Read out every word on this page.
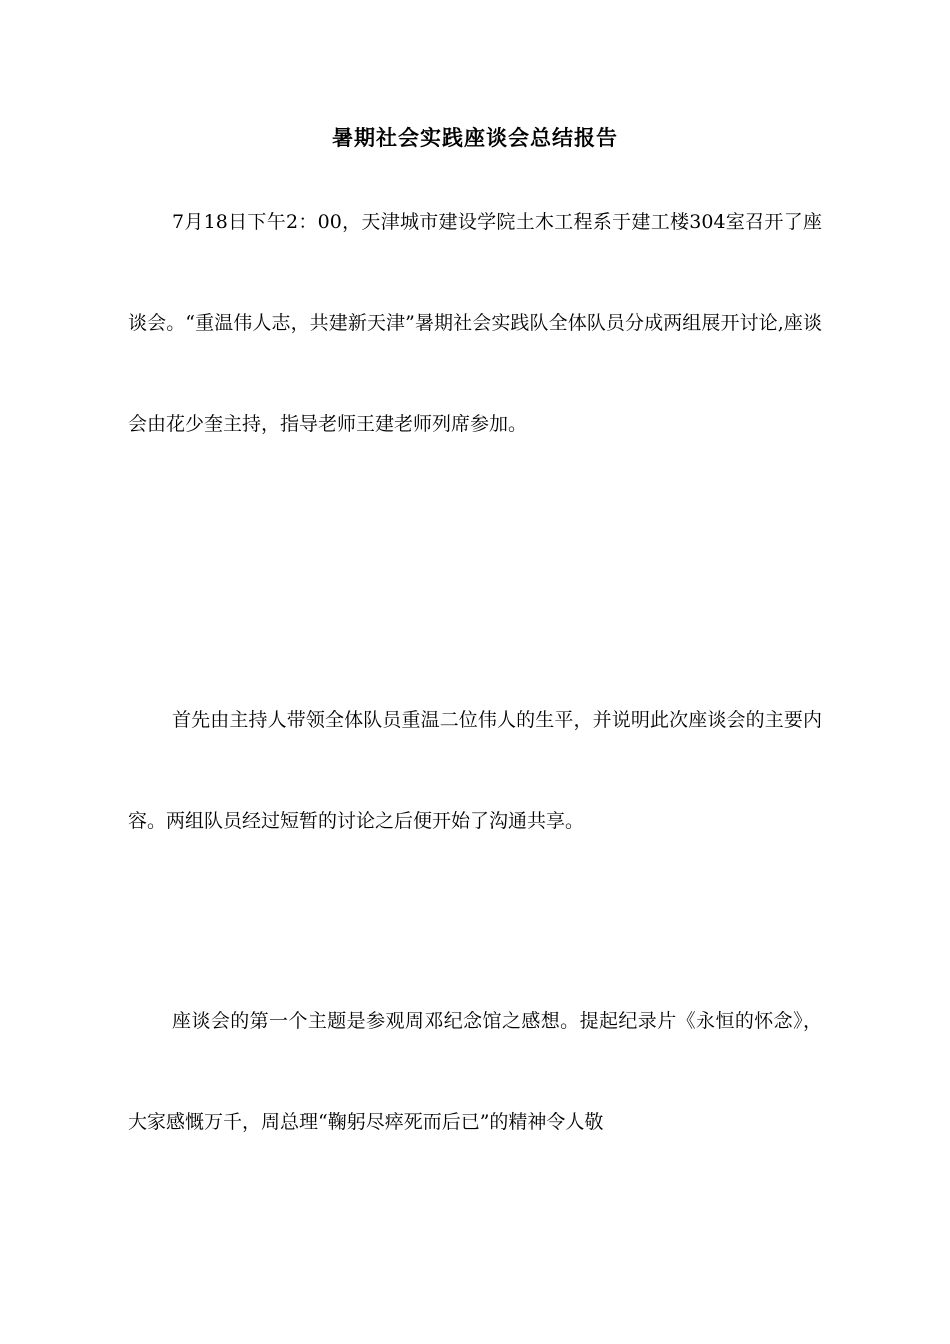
暑期社会实践座谈会总结报告

7月18日下午2：00，天津城市建设学院土木工程系于建工楼304室召开了座谈会。“重温伟人志，共建新天津”暑期社会实践队全体队员分成两组展开讨论,座谈会由花少奎主持，指导老师王建老师列席参加。

首先由主持人带领全体队员重温二位伟人的生平，并说明此次座谈会的主要内容。两组队员经过短暂的讨论之后便开始了沟通共享。

座谈会的第一个主题是参观周邓纪念馆之感想。提起纪录片《永恒的怀念》，大家感慨万千，周总理“鞠躬尽瘁死而后已”的精神令人敬
